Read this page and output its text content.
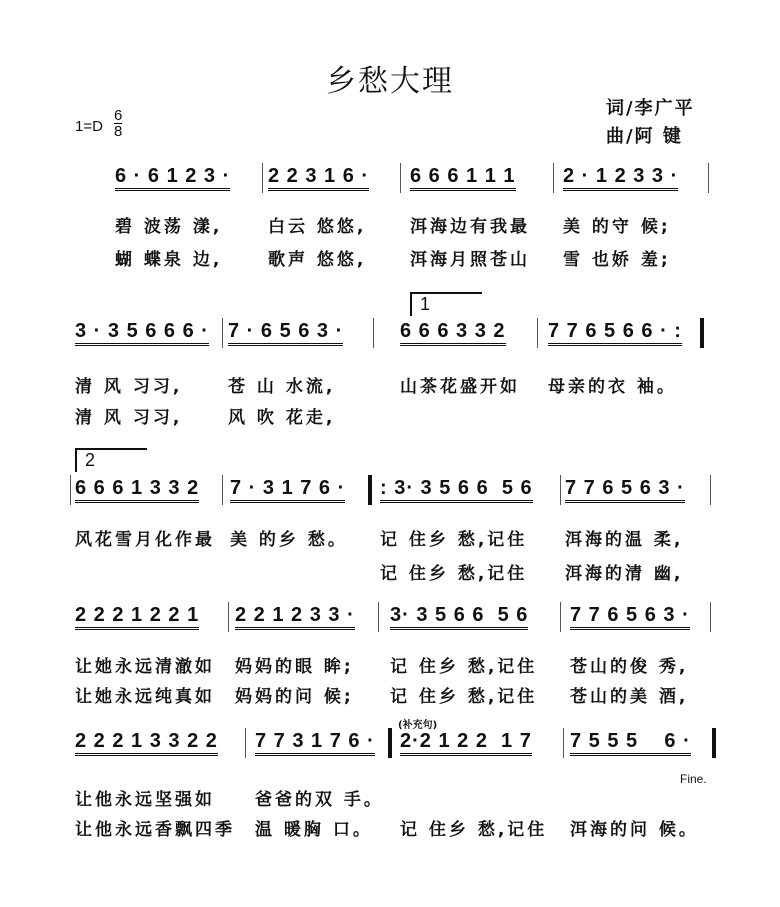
乡愁大理
词/李广平
曲/阿 键
$1=D \frac{6}{8}$
1
2
(补充句)
Fine.
6 · 6 1 2 3 ·
碧 波荡 漾,
蝴 蝶泉 边,
2 2 3 1 6 ·
白云 悠悠,
歌声 悠悠,
6 6 6 1 1 1
洱海边有我最
洱海月照苍山
2 · 1 2 3 3 ·
美 的守 候;
雪 也娇 羞;
3 · 3 5 6 6 6 ·
清 风 习习,
清 风 习习,
7 · 6 5 6 3 ·
苍 山 水流,
风 吹 花走,
6 6 6 3 3 2
山茶花盛开如
7 7 6 5 6 6 · :
母亲的衣 袖。
6 6 6 1 3 3 2
风花雪月化作最
7 · 3 1 7 6 ·
美 的乡 愁。
: 3· 3 5 6 6  5 6
记 住乡 愁,记住
记 住乡 愁,记住
7 7 6 5 6 3 ·
洱海的温 柔,
洱海的清 幽,
2 2 2 1 2 2 1
让她永远清澈如
让她永远纯真如
2 2 1 2 3 3 ·
妈妈的眼 眸;
妈妈的问 候;
3· 3 5 6 6  5 6
记 住乡 愁,记住
记 住乡 愁,记住
7 7 6 5 6 3 ·
苍山的俊 秀,
苍山的美 酒,
2 2 2 1 3 3 2 2
让他永远坚强如
让他永远香飘四季
7 7 3 1 7 6 ·
爸爸的双 手。
温 暖胸 口。
2·2 1 2 2  1 7
记 住乡 愁,记住
7 5 5 5    6 ·
洱海的问 候。
